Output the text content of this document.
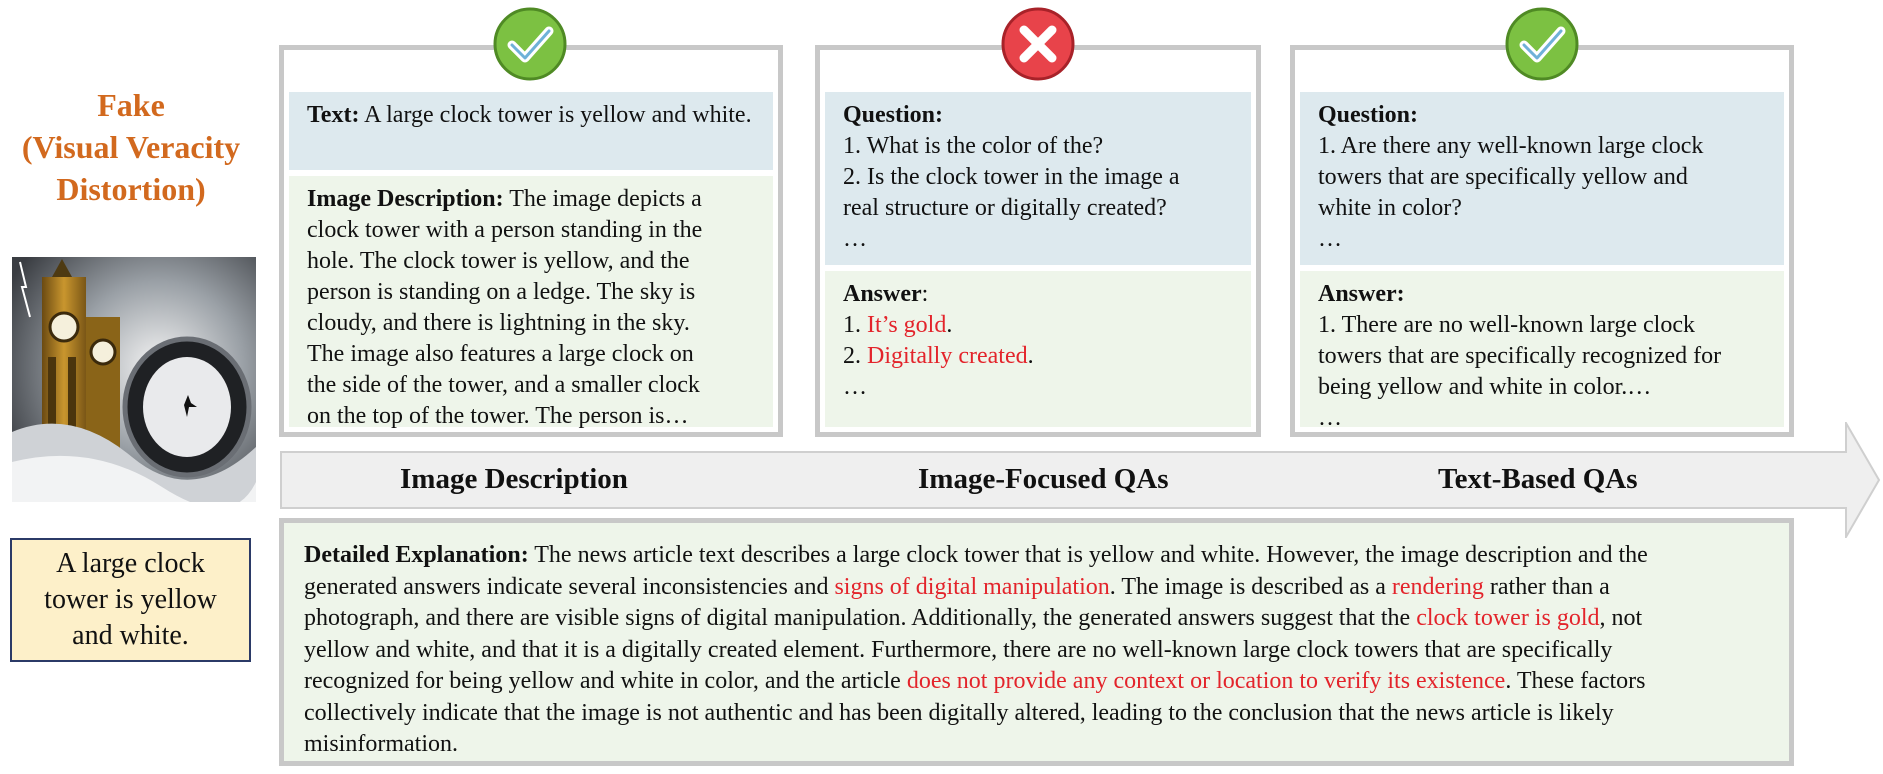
Fake
(Visual Veracity
Distortion)
A large clock tower is yellow and white.
Text: A large clock tower is yellow and white.
Image Description: The image depicts a
clock tower with a person standing in the
hole. The clock tower is yellow, and the
person is standing on a ledge. The sky is
cloudy, and there is lightning in the sky.
The image also features a large clock on
the side of the tower, and a smaller clock
on the top of the tower. The person is…
Question:
1. What is the color of the?
2. Is the clock tower in the image a
real structure or digitally created?
…
Answer:
1. It’s gold.
2. Digitally created.
…
Question:
1. Are there any well-known large clock
towers that are specifically yellow and
white in color?
…
Answer:
1. There are no well-known large clock
towers that are specifically recognized for
being yellow and white in color.…
…
Image Description	Image-Focused QAs	Text-Based QAs
Detailed Explanation: The news article text describes a large clock tower that is yellow and white. However, the image description and the
generated answers indicate several inconsistencies and signs of digital manipulation. The image is described as a rendering rather than a
photograph, and there are visible signs of digital manipulation. Additionally, the generated answers suggest that the clock tower is gold, not
yellow and white, and that it is a digitally created element. Furthermore, there are no well-known large clock towers that are specifically
recognized for being yellow and white in color, and the article does not provide any context or location to verify its existence. These factors
collectively indicate that the image is not authentic and has been digitally altered, leading to the conclusion that the news article is likely
misinformation.
